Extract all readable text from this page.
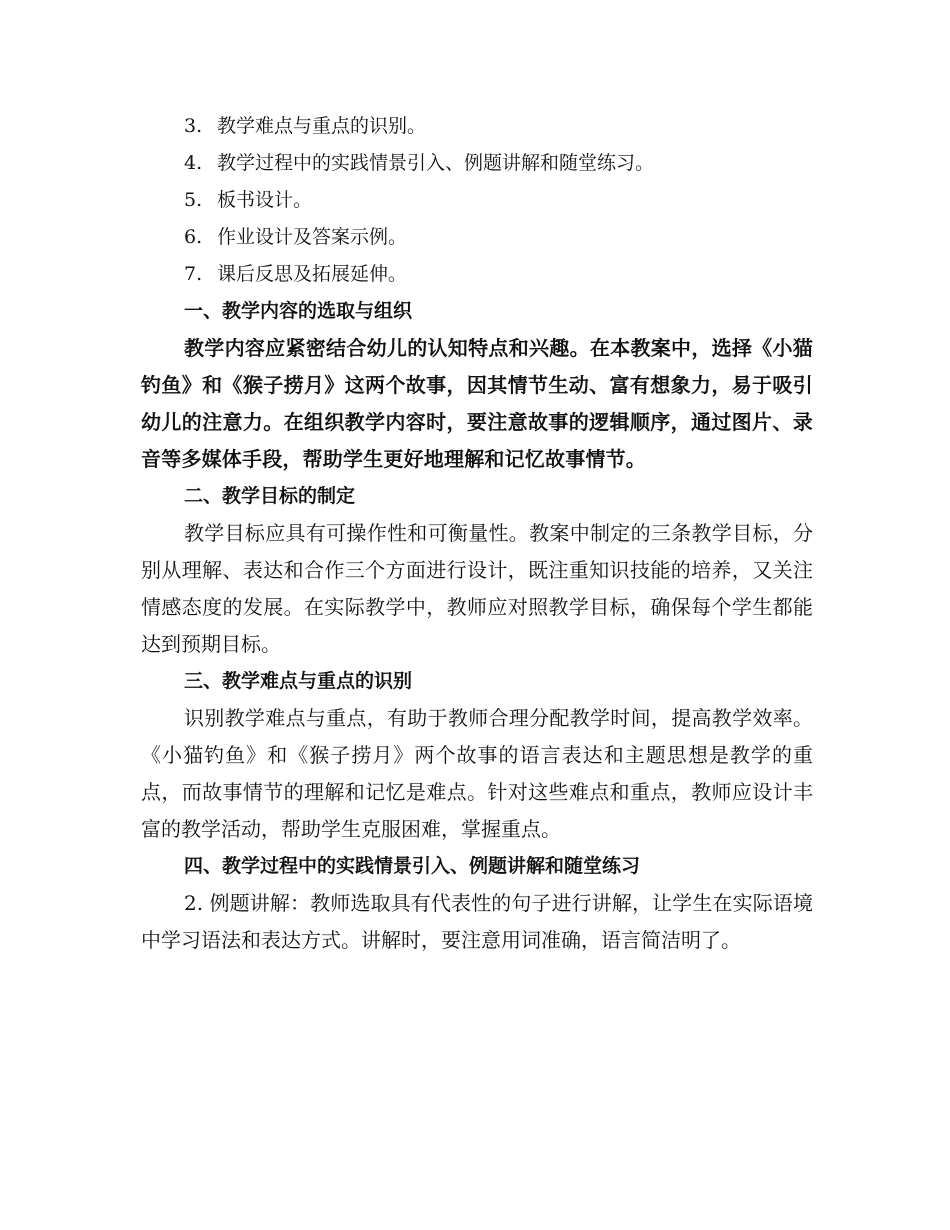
3. 教学难点与重点的识别。
4. 教学过程中的实践情景引入、例题讲解和随堂练习。
5. 板书设计。
6. 作业设计及答案示例。
7. 课后反思及拓展延伸。
一、教学内容的选取与组织

教学内容应紧密结合幼儿的认知特点和兴趣。在本教案中，选择《小猫钓鱼》和《猴子捞月》这两个故事，因其情节生动、富有想象力，易于吸引幼儿的注意力。在组织教学内容时，要注意故事的逻辑顺序，通过图片、录音等多媒体手段，帮助学生更好地理解和记忆故事情节。

二、教学目标的制定

教学目标应具有可操作性和可衡量性。教案中制定的三条教学目标，分别从理解、表达和合作三个方面进行设计，既注重知识技能的培养，又关注情感态度的发展。在实际教学中，教师应对照教学目标，确保每个学生都能达到预期目标。

三、教学难点与重点的识别

识别教学难点与重点，有助于教师合理分配教学时间，提高教学效率。《小猫钓鱼》和《猴子捞月》两个故事的语言表达和主题思想是教学的重点，而故事情节的理解和记忆是难点。针对这些难点和重点，教师应设计丰富的教学活动，帮助学生克服困难，掌握重点。

四、教学过程中的实践情景引入、例题讲解和随堂练习

2. 例题讲解：教师选取具有代表性的句子进行讲解，让学生在实际语境中学习语法和表达方式。讲解时，要注意用词准确，语言简洁明了。
